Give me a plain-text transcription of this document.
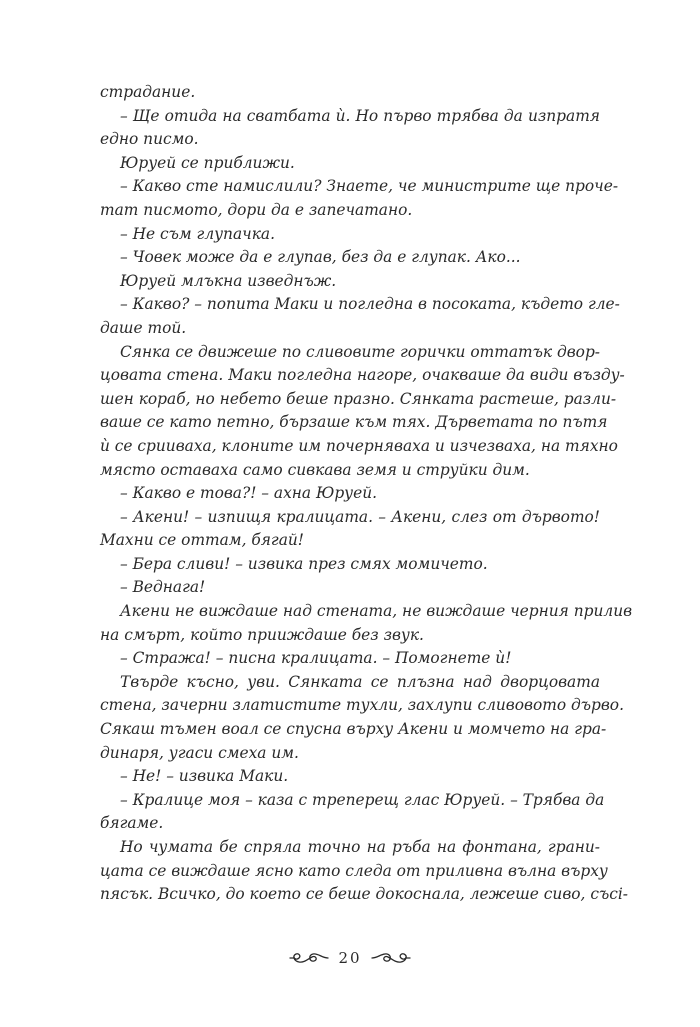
страдание.
– Ще отида на сватбата ѝ. Но първо трябва да изпратя
едно писмо.
Юруей се приближи.
– Какво сте намислили? Знаете, че министрите ще проче-
тат писмото, дори да е запечатано.
– Не съм глупачка.
– Човек може да е глупав, без да е глупак. Ако...
Юруей млъкна изведнъж.
– Какво? – попита Маки и погледна в посоката, където гле-
даше той.
Сянка се движеше по сливовите горички оттатък двор-
цовата стена. Маки погледна нагоре, очакваше да види възду-
шен кораб, но небето беше празно. Сянката растеше, разли-
ваше се като петно, бързаше към тях. Дърветата по пътя
ѝ се срииваха, клоните им почерняваха и изчезваха, на тяхно
място оставаха само сивкава земя и струйки дим.
– Какво е това?! – ахна Юруей.
– Акени! – изпищя кралицата. – Акени, слез от дървото!
Махни се оттам, бягай!
– Бера сливи! – извика през смях момичето.
– Веднага!
Акени не виждаше над стената, не виждаше черния прилив
на смърт, който прииждаше без звук.
– Стража! – писна кралицата. – Помогнете ѝ!
Твърде късно, уви. Сянката се плъзна над дворцовата
стена, зачерни златистите тухли, захлупи сливовото дърво.
Сякаш тъмен воал се спусна върху Акени и момчето на гра-
динаря, угаси смеха им.
– Не! – извика Маки.
– Кралице моя – каза с треперещ глас Юруей. – Трябва да
бягаме.
Но чумата бе спряла точно на ръба на фонтана, грани-
цата се виждаше ясно като следа от приливна вълна върху
пясък. Всичко, до което се беше докоснала, лежеше сиво, съсi-
20
